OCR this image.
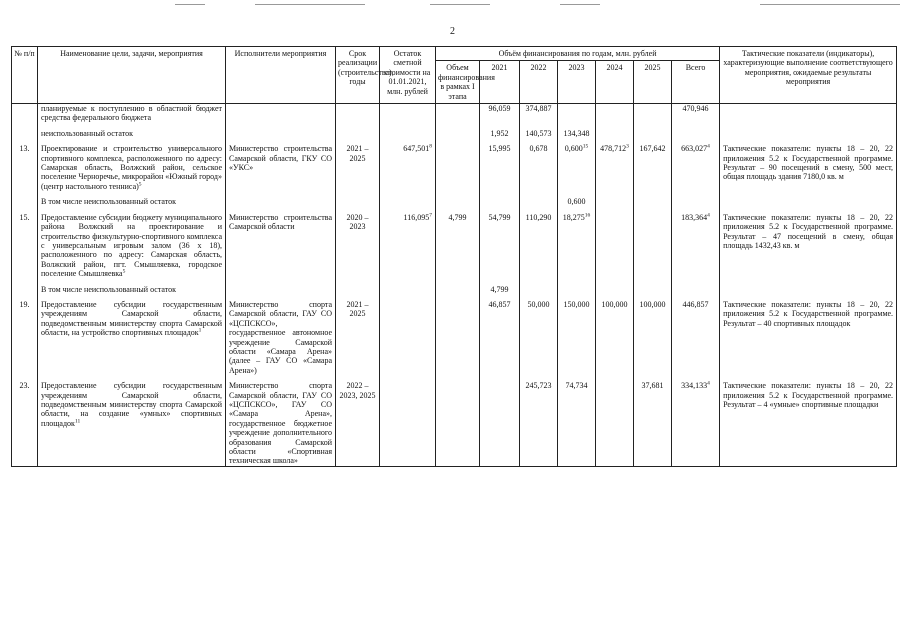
2
№ п/п	Наименование цели, задачи, мероприятия	Исполнители мероприятия	Срок реализации (строительства), годы	Остаток сметной стоимости на 01.01.2021, млн. рублей	Объём финансирования по годам, млн. рублей							Тактические показатели (индикаторы), характеризующие выполнение соответствующего мероприятия, ожидаемые результаты мероприятия
					Объем финансирования в рамках I этапа	2021	2022	2023	2024	2025	Всего	
	планируемые к поступлению в областной бюджет средства федерального бюджета					96,059	374,887				470,946	

	неиспользованный остаток					1,952	140,573	134,348				

13.	Проектирование и строительство универсального спортивного комплекса, расположенного по адресу: Самарская область, Волжский район, сельское поселение Черноречье, микрорайон «Южный город» (центр настольного тенниса)$^5$	Министерство строительства Самарской области, ГКУ СО «УКС»	2021 – 2025	647,501$^8$		15,995	0,678	0,600$^{15}$	478,712$^3$	167,642	663,027$^4$	Тактические показатели: пункты 18 – 20, 22 приложения 5.2 к Государственной программе. Результат – 90 посещений в смену, 500 мест, общая площадь здания 7180,0 кв. м

	В том числе неиспользованный остаток							0,600				

15.	Предоставление субсидии бюджету муниципального района Волжский на проектирование и строительство физкультурно-спортивного комплекса с универсальным игровым залом (36 х 18), расположенного по адресу: Самарская область, Волжский район, пгт. Смышляевка, городское поселение Смышляевка$^5$	Министерство строительства Самарской области	2020 – 2023	116,095$^7$	4,799	54,799	110,290	18,275$^{16}$			183,364$^4$	Тактические показатели: пункты 18 – 20, 22 приложения 5.2 к Государственной программе. Результат – 47 посещений в смену, общая площадь 1432,43 кв. м

	В том числе неиспользованный остаток					4,799						

19.	Предоставление субсидии государственным учреждениям Самарской области, подведомственным министерству спорта Самарской области, на устройство спортивных площадок$^1$	Министерство спорта Самарской области, ГАУ СО «ЦСПСКСО», государственное автономное учреждение Самарской области «Самара Арена» (далее – ГАУ СО «Самара Арена»)	2021 – 2025			46,857	50,000	150,000	100,000	100,000	446,857	Тактические показатели: пункты 18 – 20, 22 приложения 5.2 к Государственной программе. Результат – 40 спортивных площадок

23.	Предоставление субсидии государственным учреждениям Самарской области, подведомственным министерству спорта Самарской области, на создание «умных» спортивных площадок$^{11}$	Министерство спорта Самарской области, ГАУ СО «ЦСПСКСО», ГАУ СО «Самара Арена», государственное бюджетное учреждение дополнительного образования Самарской области «Спортивная техническая школа»	2022 – 2023, 2025				245,723	74,734		37,681	334,133$^4$	Тактические показатели: пункты 18 – 20, 22 приложения 5.2 к Государственной программе. Результат – 4 «умные» спортивные площадки
